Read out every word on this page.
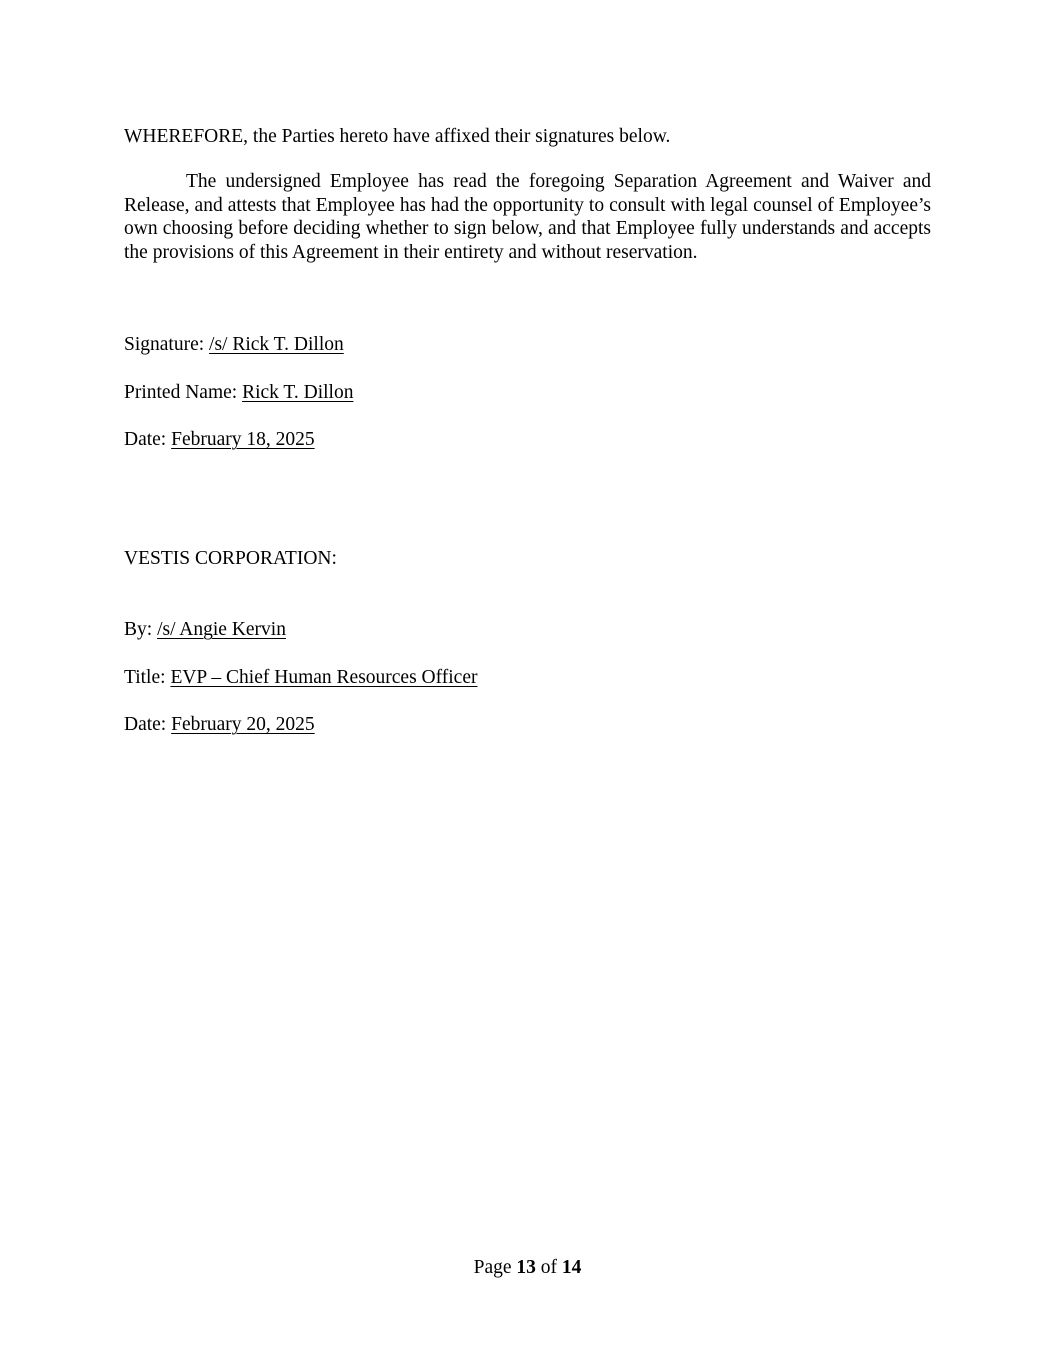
WHEREFORE, the Parties hereto have affixed their signatures below.
The undersigned Employee has read the foregoing Separation Agreement and Waiver and Release, and attests that Employee has had the opportunity to consult with legal counsel of Employee’s own choosing before deciding whether to sign below, and that Employee fully understands and accepts the provisions of this Agreement in their entirety and without reservation.
Signature: /s/ Rick T. Dillon
Printed Name: Rick T. Dillon
Date: February 18, 2025
VESTIS CORPORATION:
By: /s/ Angie Kervin
Title: EVP – Chief Human Resources Officer
Date: February 20, 2025
Page 13 of 14
